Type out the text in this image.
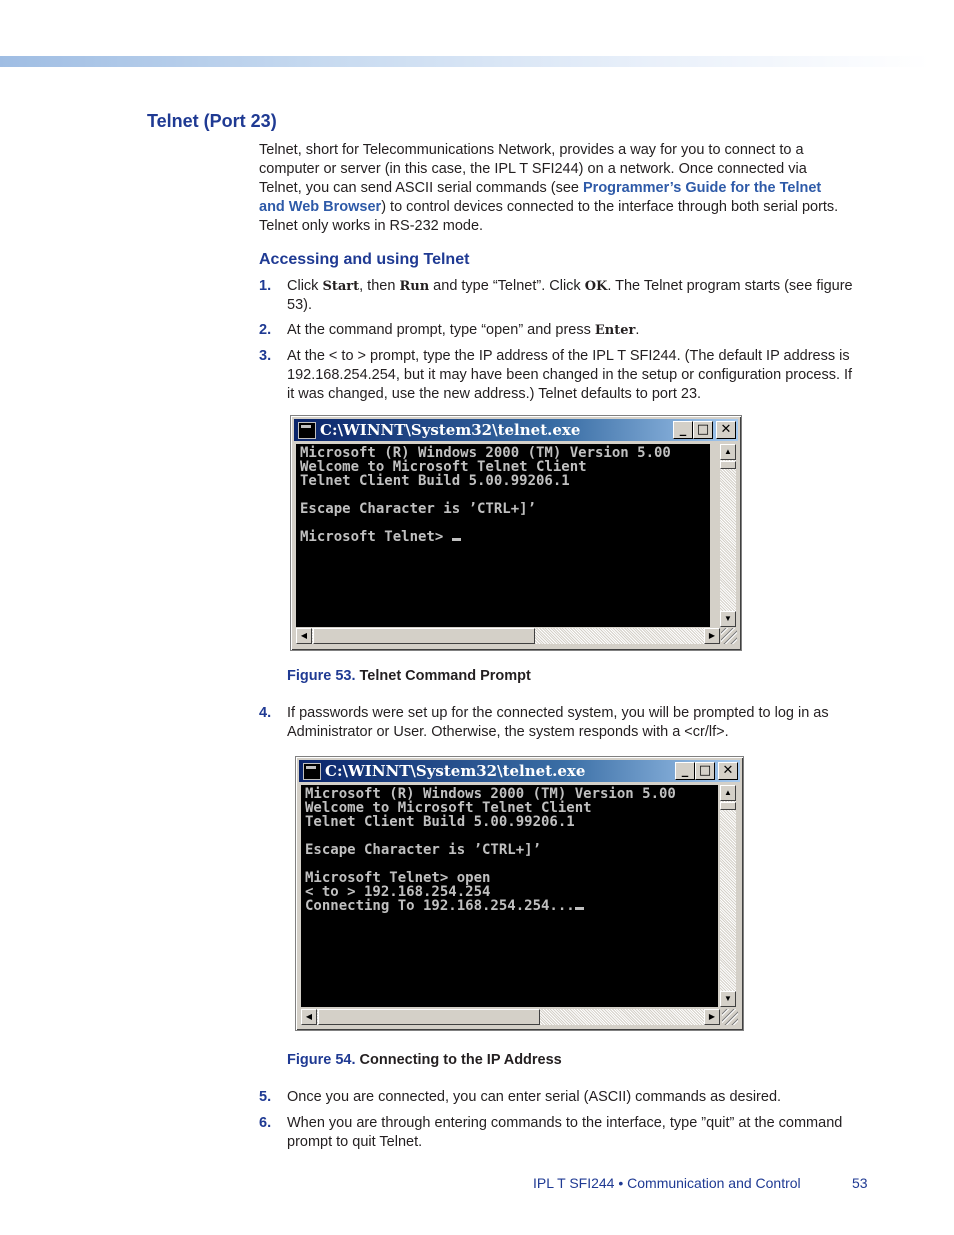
Telnet (Port 23)

Telnet, short for Telecommunications Network, provides a way for you to connect to a computer or server (in this case, the IPL T SFI244) on a network. Once connected via Telnet, you can send ASCII serial commands (see Programmer’s Guide for the Telnet and Web Browser) to control devices connected to the interface through both serial ports. Telnet only works in RS-232 mode.

Accessing and using Telnet
1.	Click Start, then Run and type “Telnet”. Click OK. The Telnet program starts (see figure 53).
2.	At the command prompt, type “open” and press Enter.
3.	At the < to > prompt, type the IP address of the IPL T SFI244. (The default IP address is 192.168.254.254, but it may have been changed in the setup or configuration process. If it was changed, use the new address.) Telnet defaults to port 23.
C:\WINNT\System32\telnet.exe	_ □ ✕
Microsoft (R) Windows 2000 (TM) Version 5.00
Welcome to Microsoft Telnet Client
Telnet Client Build 5.00.99206.1

Escape Character is ’CTRL+]’

Microsoft Telnet>
▲
▼
◀	▶
Figure 53. Telnet Command Prompt
4.	If passwords were set up for the connected system, you will be prompted to log in as Administrator or User. Otherwise, the system responds with a <cr/lf>.
C:\WINNT\System32\telnet.exe	_ □ ✕
Microsoft (R) Windows 2000 (TM) Version 5.00
Welcome to Microsoft Telnet Client
Telnet Client Build 5.00.99206.1

Escape Character is ’CTRL+]’

Microsoft Telnet> open
< to > 192.168.254.254
Connecting To 192.168.254.254...
▲
▼
◀	▶
Figure 54. Connecting to the IP Address
5.	Once you are connected, you can enter serial (ASCII) commands as desired.
6.	When you are through entering commands to the interface, type ”quit” at the command prompt to quit Telnet.
IPL T SFI244 • Communication and Control	53
